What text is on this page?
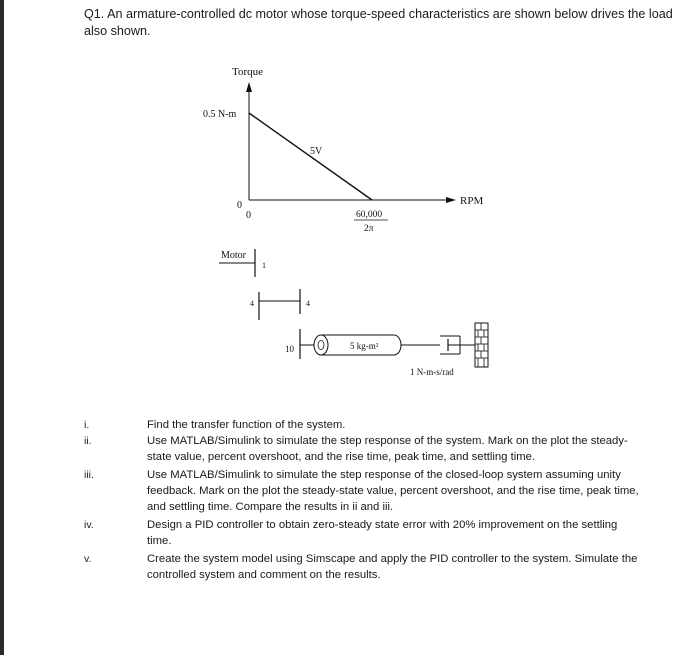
Q1. An armature-controlled dc motor whose torque-speed characteristics are shown below drives the load also shown.
Torque
RPM
0.5 N-m
5V
0
0	60,000
2π
Motor
1
4	4
10	5 kg-m²
1 N-m-s/rad
i.	Find the transfer function of the system.
ii.	Use MATLAB/Simulink to simulate the step response of the system. Mark on the plot the steady-state value, percent overshoot, and the rise time, peak time, and settling time.
iii.	Use MATLAB/Simulink to simulate the step response of the closed-loop system assuming unity feedback. Mark on the plot the steady-state value, percent overshoot, and the rise time, peak time, and settling time. Compare the results in ii and iii.
iv.	Design a PID controller to obtain zero-steady state error with 20% improvement on the settling time.
v.	Create the system model using Simscape and apply the PID controller to the system. Simulate the controlled system and comment on the results.
